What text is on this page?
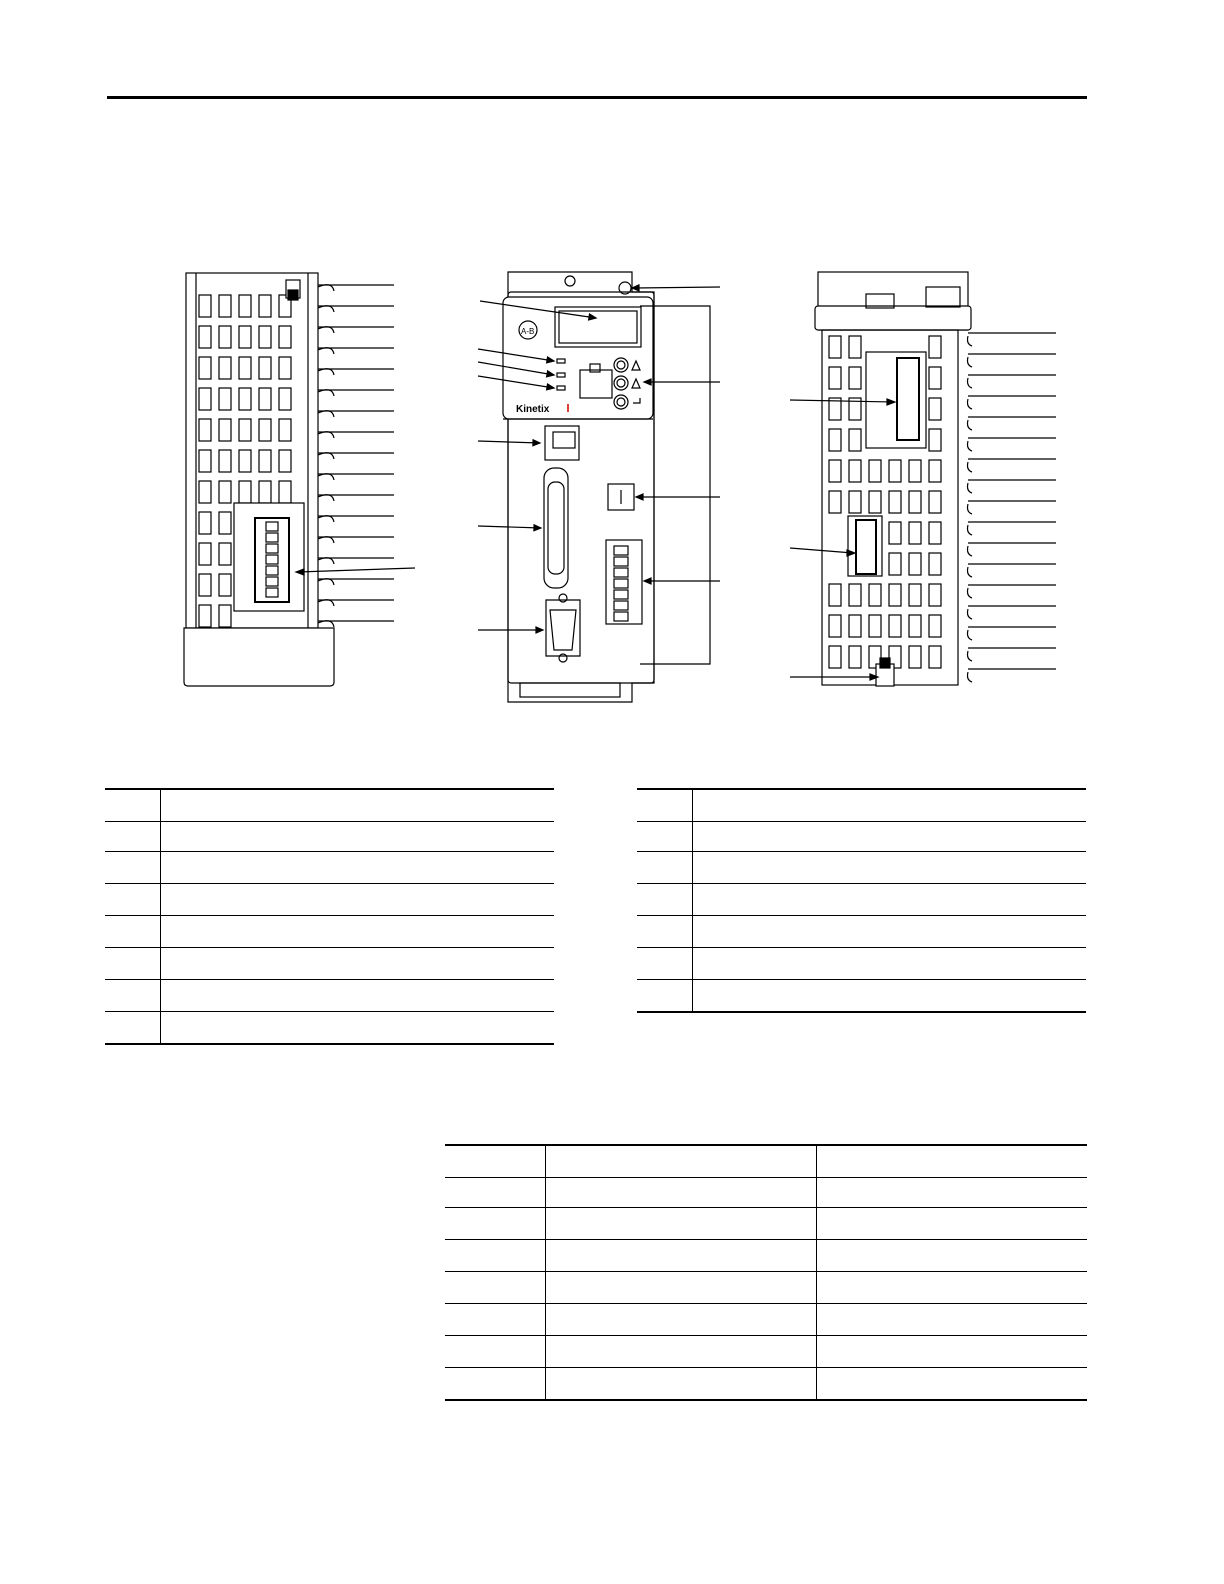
A-B
Kinetix
